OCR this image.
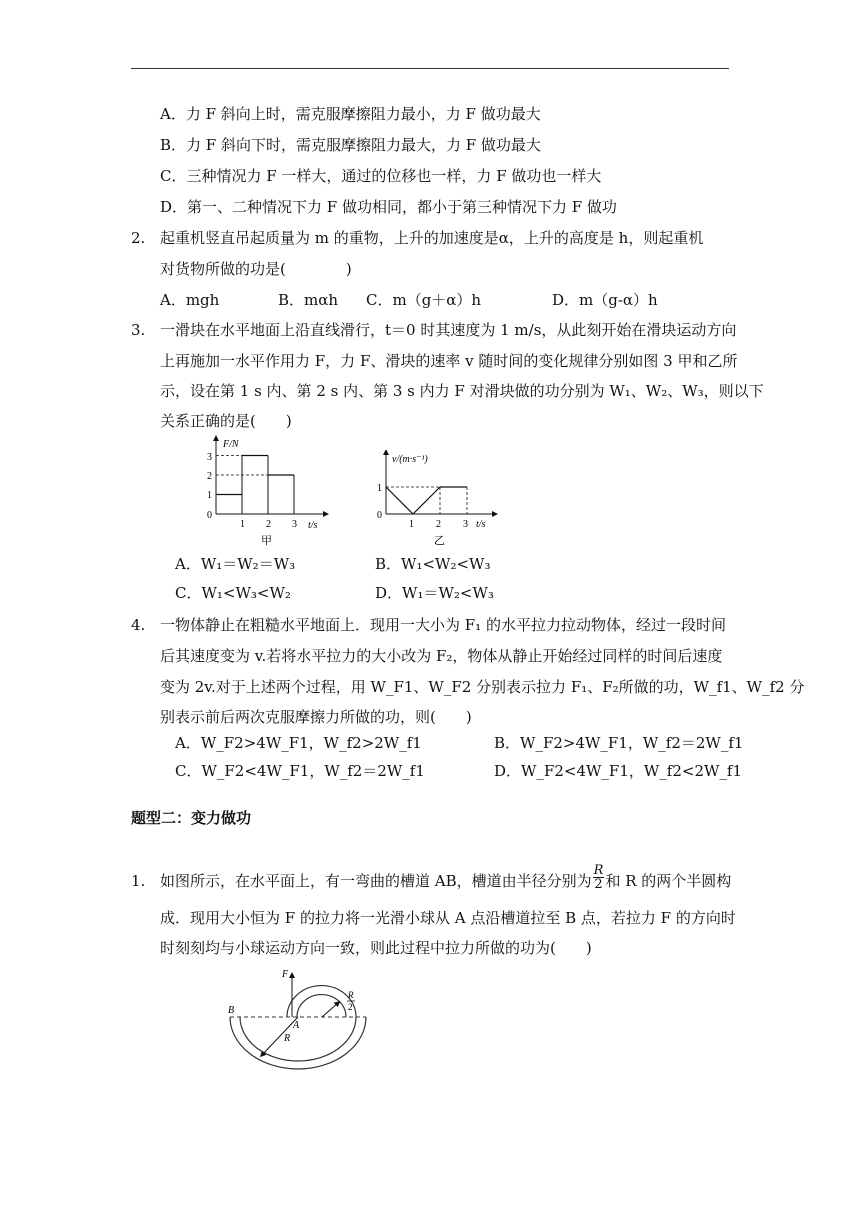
A．力 F 斜向上时，需克服摩擦阻力最小，力 F 做功最大
B．力 F 斜向下时，需克服摩擦阻力最大，力 F 做功最大
C．三种情况力 F 一样大，通过的位移也一样，力 F 做功也一样大
D．第一、二种情况下力 F 做功相同，都小于第三种情况下力 F 做功
2. 起重机竖直吊起质量为 m 的重物，上升的加速度是α，上升的高度是 h，则起重机
对货物所做的功是(　　　　)
A．mgh	B．mαh C．m（g＋α）h	D．m（g-α）h
3. 一滑块在水平地面上沿直线滑行，t＝0 时其速度为 1 m/s，从此刻开始在滑块运动方向
上再施加一水平作用力 F，力 F、滑块的速率 v 随时间的变化规律分别如图 3 甲和乙所
示，设在第 1 s 内、第 2 s 内、第 3 s 内力 F 对滑块做的功分别为 W₁、W₂、W₃，则以下
关系正确的是(　　)
F/N
t/s
0
1
2
3
1 2 3
甲
v/(m·s⁻¹)
t/s
0
1
1 2 3
乙
A．W₁＝W₂＝W₃	B．W₁<W₂<W₃
C．W₁<W₃<W₂	D．W₁＝W₂<W₃
4. 一物体静止在粗糙水平地面上．现用一大小为 F₁ 的水平拉力拉动物体，经过一段时间
后其速度变为 v.若将水平拉力的大小改为 F₂，物体从静止开始经过同样的时间后速度
变为 2v.对于上述两个过程，用 W_F1、W_F2 分别表示拉力 F₁、F₂所做的功，W_f1、W_f2 分
别表示前后两次克服摩擦力所做的功，则(　　)
A．W_F2>4W_F1，W_f2>2W_f1	B．W_F2>4W_F1，W_f2＝2W_f1
C．W_F2<4W_F1，W_f2＝2W_f1	D．W_F2<4W_F1，W_f2<2W_f1
题型二：变力做功
1. 如图所示，在水平面上，有一弯曲的槽道 AB，槽道由半径分别为 $\frac{R}{2}$ 和 R 的两个半圆构
成．现用大小恒为 F 的拉力将一光滑小球从 A 点沿槽道拉至 B 点，若拉力 F 的方向时
时刻刻均与小球运动方向一致，则此过程中拉力所做的功为(　　)
F
B
A
R
R
2
